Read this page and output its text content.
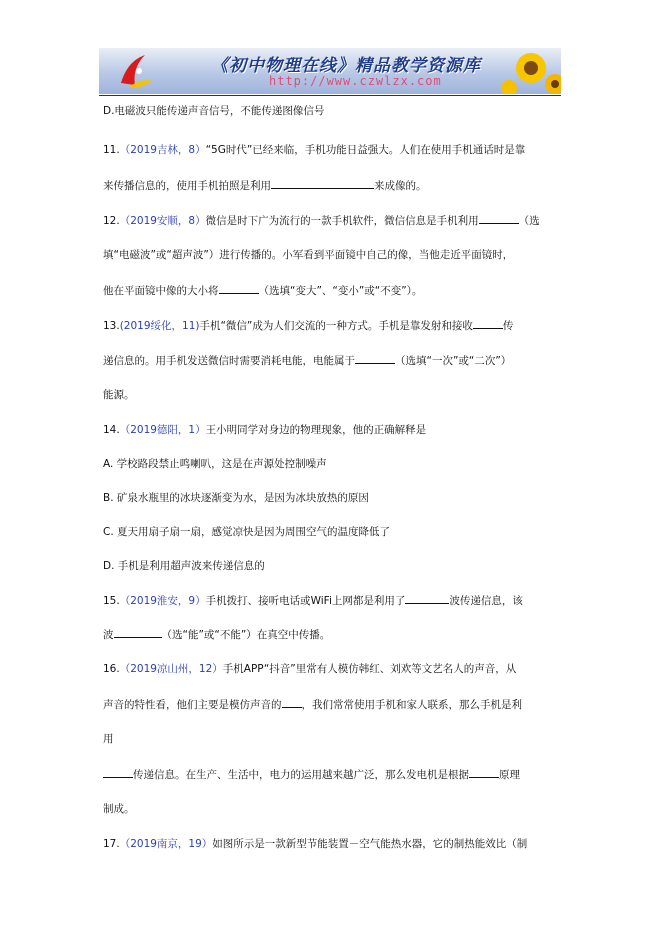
《初中物理在线》精品教学资源库
http://www.czwlzx.com
D.电磁波只能传递声音信号，不能传递图像信号
11.（2019吉林，8）“5G时代”已经来临，手机功能日益强大。人们在使用手机通话时是靠
来传播信息的，使用手机拍照是利用	来成像的。
12.（2019安顺，8）微信是时下广为流行的一款手机软件，微信信息是手机利用	（选
填“电磁波”或“超声波”）进行传播的。小军看到平面镜中自己的像，当他走近平面镜时，
他在平面镜中像的大小将	（选填“变大”、“变小”或“不变”）。
13.(2019绥化，11)手机“微信”成为人们交流的一种方式。手机是靠发射和接收	传
递信息的。用手机发送微信时需要消耗电能，电能属于	（选填“一次”或“二次”）
能源。
14.（2019德阳，1）王小明同学对身边的物理现象，他的正确解释是
A. 学校路段禁止鸣喇叭，这是在声源处控制噪声
B. 矿泉水瓶里的冰块逐渐变为水，是因为冰块放热的原因
C. 夏天用扇子扇一扇，感觉凉快是因为周围空气的温度降低了
D. 手机是利用超声波来传递信息的
15.（2019淮安，9）手机拨打、接听电话或WiFi上网都是利用了	波传递信息，该
波	（选“能”或“不能”）在真空中传播。
16.（2019凉山州，12）手机APP“抖音”里常有人模仿韩红、刘欢等文艺名人的声音，从
声音的特性看，他们主要是模仿声音的 ，我们常常使用手机和家人联系，那么手机是利
用
传递信息。在生产、生活中，电力的运用越来越广泛，那么发电机是根据	原理
制成。
17.（2019南京，19）如图所示是一款新型节能装置－空气能热水器，它的制热能效比（制
